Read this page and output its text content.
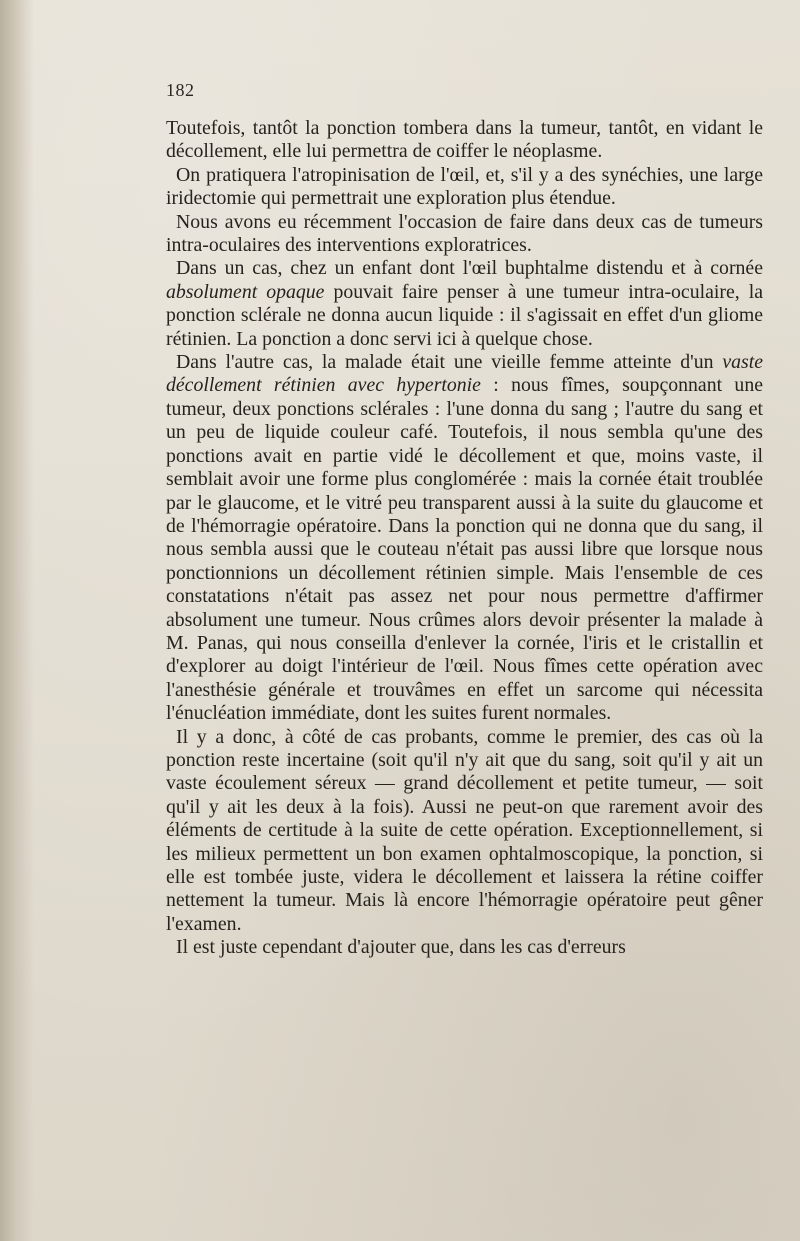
182

Toutefois, tantôt la ponction tombera dans la tumeur, tantôt, en vidant le décollement, elle lui permettra de coiffer le néoplasme.

On pratiquera l'atropinisation de l'œil, et, s'il y a des synéchies, une large iridectomie qui permettrait une exploration plus étendue.

Nous avons eu récemment l'occasion de faire dans deux cas de tumeurs intra-oculaires des interventions exploratrices.

Dans un cas, chez un enfant dont l'œil buphtalme distendu et à cornée absolument opaque pouvait faire penser à une tumeur intra-oculaire, la ponction sclérale ne donna aucun liquide : il s'agissait en effet d'un gliome rétinien. La ponction a donc servi ici à quelque chose.

Dans l'autre cas, la malade était une vieille femme atteinte d'un vaste décollement rétinien avec hypertonie : nous fîmes, soupçonnant une tumeur, deux ponctions sclérales : l'une donna du sang ; l'autre du sang et un peu de liquide couleur café. Toutefois, il nous sembla qu'une des ponctions avait en partie vidé le décollement et que, moins vaste, il semblait avoir une forme plus conglomérée : mais la cornée était troublée par le glaucome, et le vitré peu transparent aussi à la suite du glaucome et de l'hémorragie opératoire. Dans la ponction qui ne donna que du sang, il nous sembla aussi que le couteau n'était pas aussi libre que lorsque nous ponctionnions un décollement rétinien simple. Mais l'ensemble de ces constatations n'était pas assez net pour nous permettre d'affirmer absolument une tumeur. Nous crûmes alors devoir présenter la malade à M. Panas, qui nous conseilla d'enlever la cornée, l'iris et le cristallin et d'explorer au doigt l'intérieur de l'œil. Nous fîmes cette opération avec l'anesthésie générale et trouvâmes en effet un sarcome qui nécessita l'énucléation immédiate, dont les suites furent normales.

Il y a donc, à côté de cas probants, comme le premier, des cas où la ponction reste incertaine (soit qu'il n'y ait que du sang, soit qu'il y ait un vaste écoulement séreux — grand décollement et petite tumeur, — soit qu'il y ait les deux à la fois). Aussi ne peut-on que rarement avoir des éléments de certitude à la suite de cette opération. Exceptionnellement, si les milieux permettent un bon examen ophtalmoscopique, la ponction, si elle est tombée juste, videra le décollement et laissera la rétine coiffer nettement la tumeur. Mais là encore l'hémorragie opératoire peut gêner l'examen.

Il est juste cependant d'ajouter que, dans les cas d'erreurs
